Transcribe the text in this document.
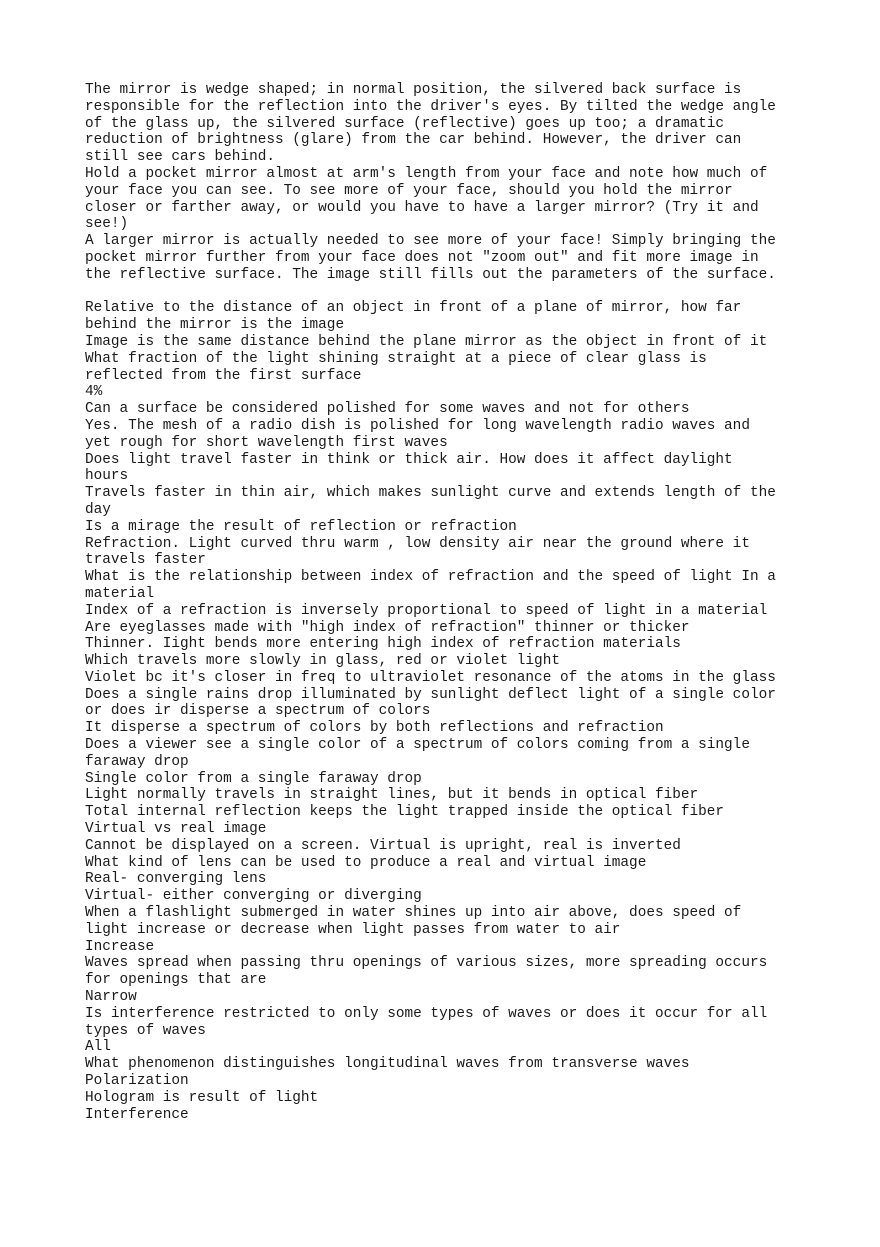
The mirror is wedge shaped; in normal position, the silvered back surface is
responsible for the reflection into the driver's eyes. By tilted the wedge angle
of the glass up, the silvered surface (reflective) goes up too; a dramatic
reduction of brightness (glare) from the car behind. However, the driver can
still see cars behind.
Hold a pocket mirror almost at arm's length from your face and note how much of
your face you can see. To see more of your face, should you hold the mirror
closer or farther away, or would you have to have a larger mirror? (Try it and
see!)
A larger mirror is actually needed to see more of your face! Simply bringing the
pocket mirror further from your face does not "zoom out" and fit more image in
the reflective surface. The image still fills out the parameters of the surface.
Relative to the distance of an object in front of a plane of mirror, how far
behind the mirror is the image
Image is the same distance behind the plane mirror as the object in front of it
What fraction of the light shining straight at a piece of clear glass is
reflected from the first surface
4%
Can a surface be considered polished for some waves and not for others
Yes. The mesh of a radio dish is polished for long wavelength radio waves and
yet rough for short wavelength first waves
Does light travel faster in think or thick air. How does it affect daylight
hours
Travels faster in thin air, which makes sunlight curve and extends length of the
day
Is a mirage the result of reflection or refraction
Refraction. Light curved thru warm , low density air near the ground where it
travels faster
What is the relationship between index of refraction and the speed of light In a
material
Index of a refraction is inversely proportional to speed of light in a material
Are eyeglasses made with "high index of refraction" thinner or thicker
Thinner. Iight bends more entering high index of refraction materials
Which travels more slowly in glass, red or violet light
Violet bc it's closer in freq to ultraviolet resonance of the atoms in the glass
Does a single rains drop illuminated by sunlight deflect light of a single color
or does ir disperse a spectrum of colors
It disperse a spectrum of colors by both reflections and refraction
Does a viewer see a single color of a spectrum of colors coming from a single
faraway drop
Single color from a single faraway drop
Light normally travels in straight lines, but it bends in optical fiber
Total internal reflection keeps the light trapped inside the optical fiber
Virtual vs real image
Cannot be displayed on a screen. Virtual is upright, real is inverted
What kind of lens can be used to produce a real and virtual image
Real- converging lens
Virtual- either converging or diverging
When a flashlight submerged in water shines up into air above, does speed of
light increase or decrease when light passes from water to air
Increase
Waves spread when passing thru openings of various sizes, more spreading occurs
for openings that are
Narrow
Is interference restricted to only some types of waves or does it occur for all
types of waves
All
What phenomenon distinguishes longitudinal waves from transverse waves
Polarization
Hologram is result of light
Interference
